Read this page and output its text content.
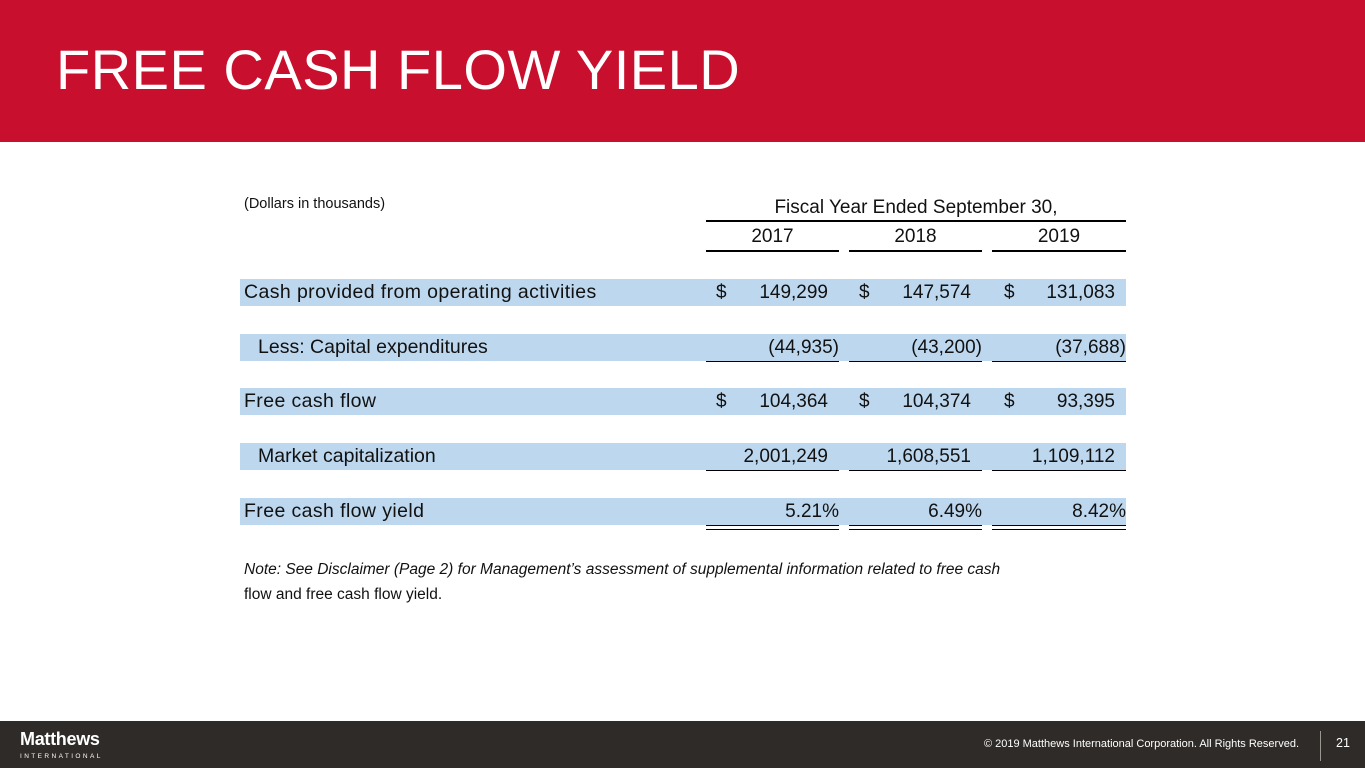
FREE CASH FLOW YIELD
(Dollars in thousands)	Fiscal Year Ended September 30,
2017	2018	2019
Cash provided from operating activities	$	149,299 $	147,574 $	131,083
Less: Capital expenditures	(44,935)	(43,200)	(37,688)
Free cash flow	$	104,364 $	104,374 $	93,395
Market capitalization	2,001,249	1,608,551	1,109,112
Free cash flow yield	5.21%	6.49%	8.42%
Note: See Disclaimer (Page 2) for Management’s assessment of supplemental information related to free cash
flow and free cash flow yield.
Matthews
INTERNATIONAL
© 2019 Matthews International Corporation. All Rights Reserved.	21
